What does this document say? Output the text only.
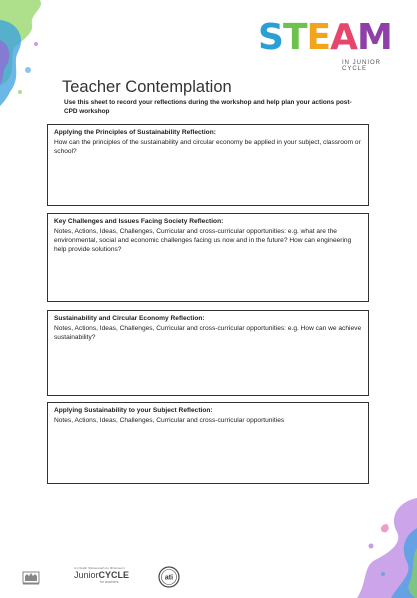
S T E A M
IN JUNIOR CYCLE
Teacher Contemplation
Use this sheet to record your reflections during the workshop and help plan your actions post-CPD workshop
Applying the Principles of Sustainability Reflection:
How can the principles of the sustainability and circular economy be applied in your subject, classroom or school?
Key Challenges and Issues Facing Society Reflection:
Notes, Actions, Ideas, Challenges, Curricular and cross-curricular opportunities: e.g. what are the environmental, social and economic challenges facing us now and in the future? How can engineering help provide solutions?
Sustainability and Circular Economy Reflection:
Notes, Actions, Ideas, Challenges, Curricular and cross-curricular opportunities: e.g. How can we achieve sustainability?
Applying Sustainability to your Subject Reflection:
Notes, Actions, Ideas, Challenges, Curricular and cross-curricular opportunities
An tSraith Shóisearach do Mhúinteoirí
JuniorCYCLE
for teachers
ati
